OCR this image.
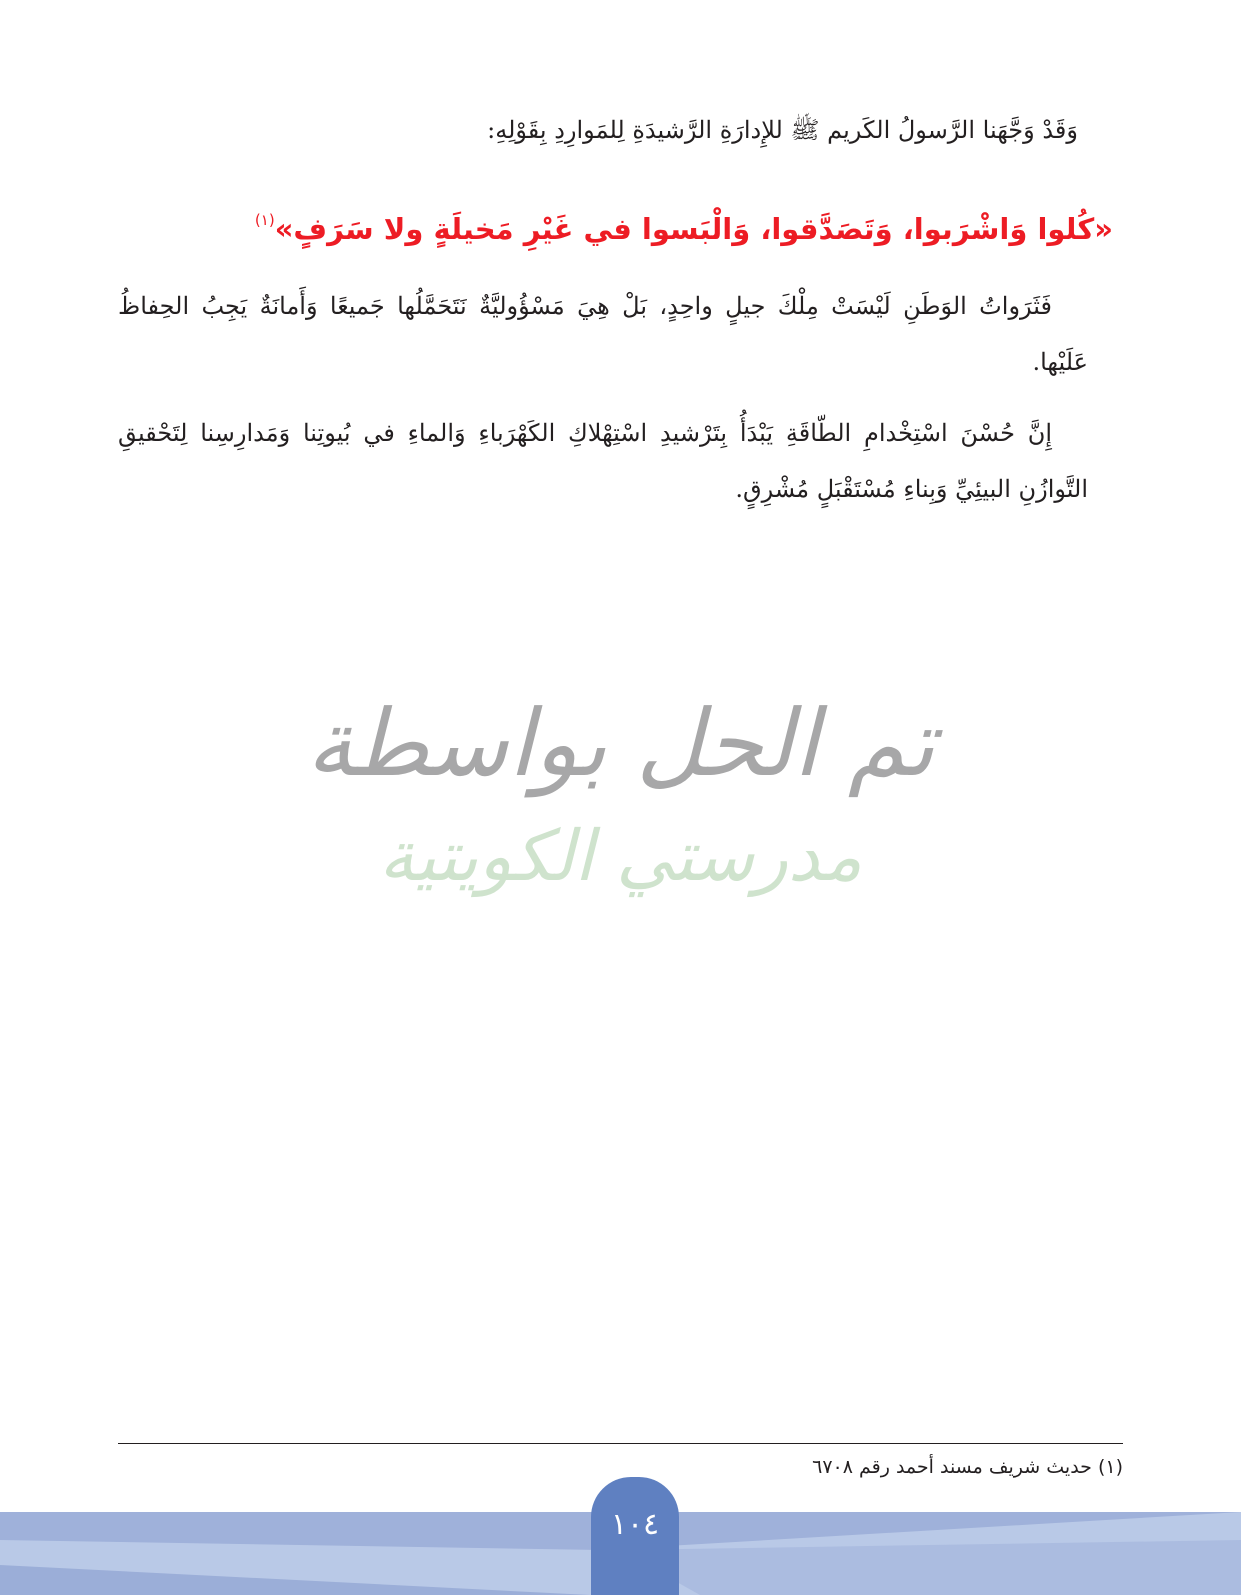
وَقَدْ وَجَّهَنا الرَّسولُ الكَريم ﷺ للإِدارَةِ الرَّشيدَةِ لِلمَوارِدِ بِقَوْلِهِ:
«كُلوا وَاشْرَبوا، وَتَصَدَّقوا، وَالْبَسوا في غَيْرِ مَخيلَةٍ ولا سَرَفٍ»$^{(١)}$
فَثَرَواتُ الوَطَنِ لَيْسَتْ مِلْكَ جيلٍ واحِدٍ، بَلْ هِيَ مَسْؤُوليَّةٌ نَتَحَمَّلُها جَميعًا وَأَمانَةٌ يَجِبُ الحِفاظُ عَلَيْها.
إِنَّ حُسْنَ اسْتِخْدامِ الطّاقَةِ يَبْدَأُ بِتَرْشيدِ اسْتِهْلاكِ الكَهْرَباءِ وَالماءِ في بُيوتِنا وَمَدارِسِنا لِتَحْقيقِ التَّوازُنِ البيئِيِّ وَبِناءِ مُسْتَقْبَلٍ مُشْرِقٍ.
تم الحل بواسطة
مدرستي الكويتية
(١) حديث شريف مسند أحمد رقم ٦٧٠٨
١٠٤
